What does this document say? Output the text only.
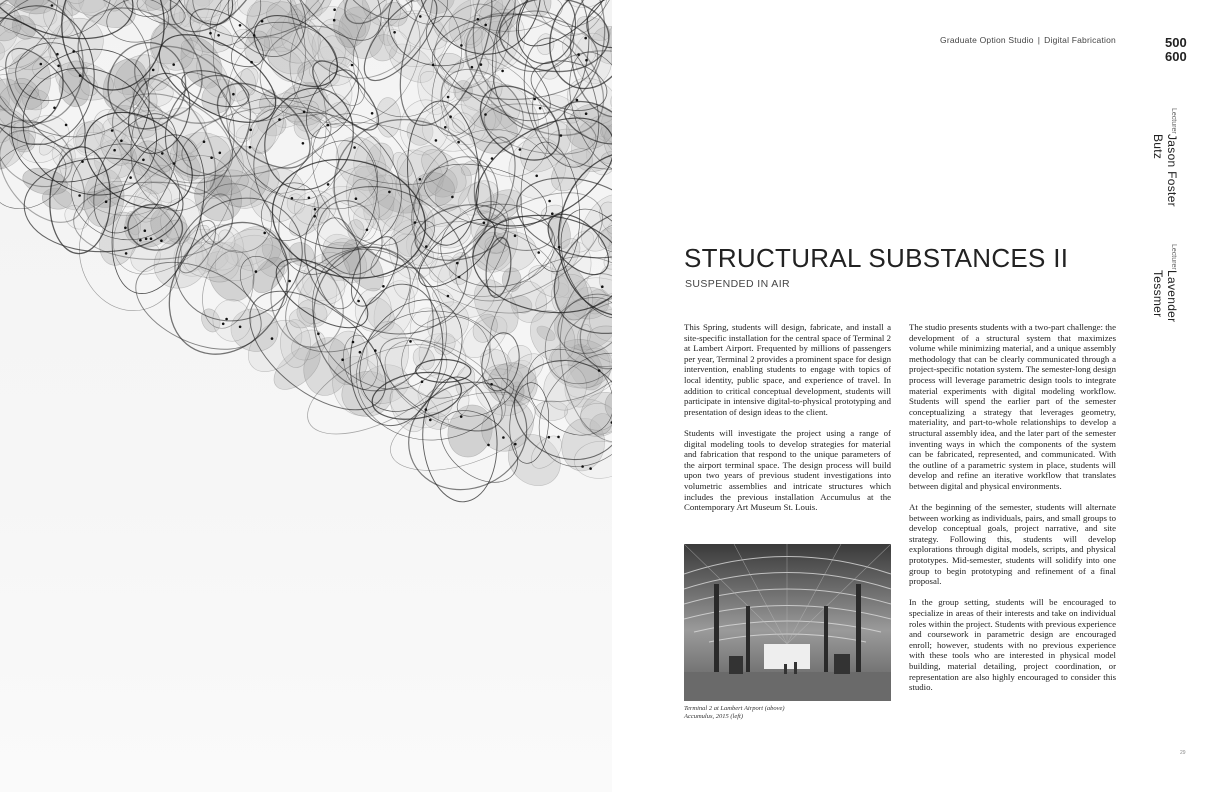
Graduate Option Studio | Digital Fabrication	500
600
Jason Foster Butz
Lecturer
Lavender Tessmer
Lecturer
STRUCTURAL SUBSTANCES II
SUSPENDED IN AIR

This Spring, students will design, fabricate, and install a site-specific installation for the central space of Terminal 2 at Lambert Airport. Frequented by millions of passengers per year, Terminal 2 provides a prominent space for design intervention, enabling students to engage with topics of local identity, public space, and experience of travel. In addition to critical conceptual development, students will participate in intensive digital-to-physical prototyping and presentation of design ideas to the client.

Students will investigate the project using a range of digital modeling tools to develop strategies for material and fabrication that respond to the unique parameters of the airport terminal space. The design process will build upon two years of previous student investigations into volumetric assemblies and intricate structures which includes the previous installation Accumulus at the Contemporary Art Museum St. Louis.

Terminal 2 at Lambert Airport (above)
Accumulus, 2015 (left)

The studio presents students with a two-part challenge: the development of a structural system that maximizes volume while minimizing material, and a unique assembly methodology that can be clearly communicated through a project-specific notation system. The semester-long design process will leverage parametric design tools to integrate material experiments with digital modeling workflow. Students will spend the earlier part of the semester conceptualizing a strategy that leverages geometry, materiality, and part-to-whole relationships to develop a structural assembly idea, and the later part of the semester inventing ways in which the components of the system can be fabricated, represented, and communicated. With the outline of a parametric system in place, students will develop and refine an iterative workflow that translates between digital and physical environments.

At the beginning of the semester, students will alternate between working as individuals, pairs, and small groups to develop conceptual goals, project narrative, and site strategy. Following this, students will develop explorations through digital models, scripts, and physical prototypes. Mid-semester, students will solidify into one group to begin prototyping and refinement of a final proposal.

In the group setting, students will be encouraged to specialize in areas of their interests and take on individual roles within the project. Students with previous experience and coursework in parametric design are encouraged enroll; however, students with no previous experience with these tools who are interested in physical model building, material detailing, project coordination, or representation are also highly encouraged to consider this studio.

29
